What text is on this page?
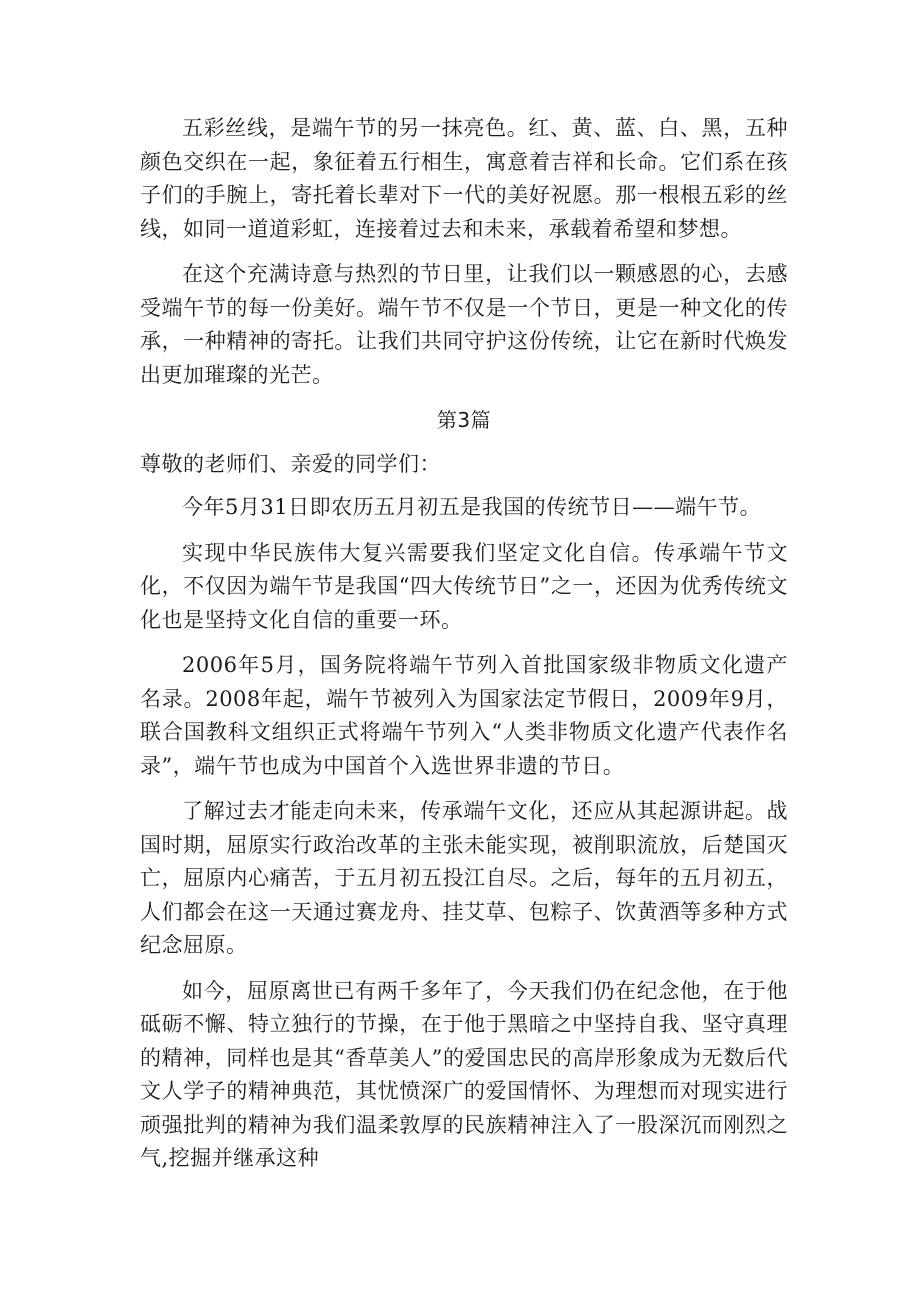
五彩丝线，是端午节的另一抹亮色。红、黄、蓝、白、黑，五种颜色交织在一起，象征着五行相生，寓意着吉祥和长命。它们系在孩子们的手腕上，寄托着长辈对下一代的美好祝愿。那一根根五彩的丝线，如同一道道彩虹，连接着过去和未来，承载着希望和梦想。

在这个充满诗意与热烈的节日里，让我们以一颗感恩的心，去感受端午节的每一份美好。端午节不仅是一个节日，更是一种文化的传承，一种精神的寄托。让我们共同守护这份传统，让它在新时代焕发出更加璀璨的光芒。

第3篇

尊敬的老师们、亲爱的同学们：

今年5月31日即农历五月初五是我国的传统节日——端午节。

实现中华民族伟大复兴需要我们坚定文化自信。传承端午节文化，不仅因为端午节是我国“四大传统节日”之一，还因为优秀传统文化也是坚持文化自信的重要一环。

2006年5月，国务院将端午节列入首批国家级非物质文化遗产名录。2008年起，端午节被列入为国家法定节假日，2009年9月，联合国教科文组织正式将端午节列入“人类非物质文化遗产代表作名录”，端午节也成为中国首个入选世界非遗的节日。

了解过去才能走向未来，传承端午文化，还应从其起源讲起。战国时期，屈原实行政治改革的主张未能实现，被削职流放，后楚国灭亡，屈原内心痛苦，于五月初五投江自尽。之后，每年的五月初五，人们都会在这一天通过赛龙舟、挂艾草、包粽子、饮黄酒等多种方式纪念屈原。

如今，屈原离世已有两千多年了，今天我们仍在纪念他，在于他砥砺不懈、特立独行的节操，在于他于黑暗之中坚持自我、坚守真理的精神，同样也是其“香草美人”的爱国忠民的高岸形象成为无数后代文人学子的精神典范，其忧愤深广的爱国情怀、为理想而对现实进行顽强批判的精神为我们温柔敦厚的民族精神注入了一股深沉而刚烈之气,挖掘并继承这种
